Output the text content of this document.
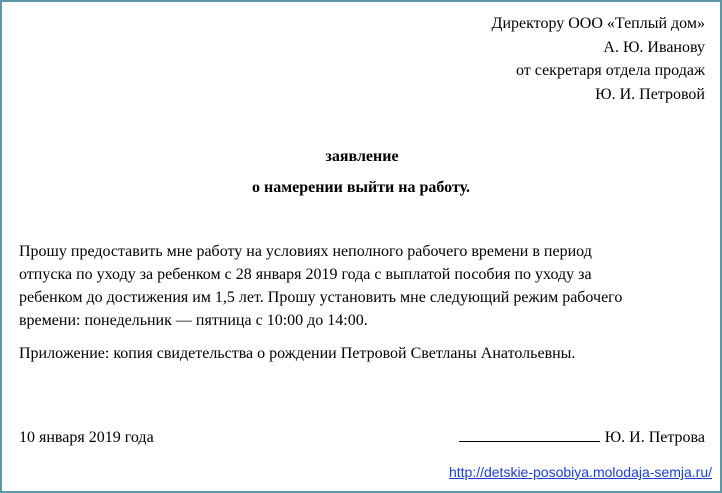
Директору ООО «Теплый дом»
А. Ю. Иванову
от секретаря отдела продаж
Ю. И. Петровой
заявление
о намерении выйти на работу.

Прошу предоставить мне работу на условиях неполного рабочего времени в период

отпуска по уходу за ребенком с 28 января 2019 года с выплатой пособия по уходу за

ребенком до достижения им 1,5 лет. Прошу установить мне следующий режим рабочего

времени: понедельник — пятница с 10:00 до 14:00.

Приложение: копия свидетельства о рождении Петровой Светланы Анатольевны.
10 января 2019 года	Ю. И. Петрова
http://detskie-posobiya.molodaja-semja.ru/
